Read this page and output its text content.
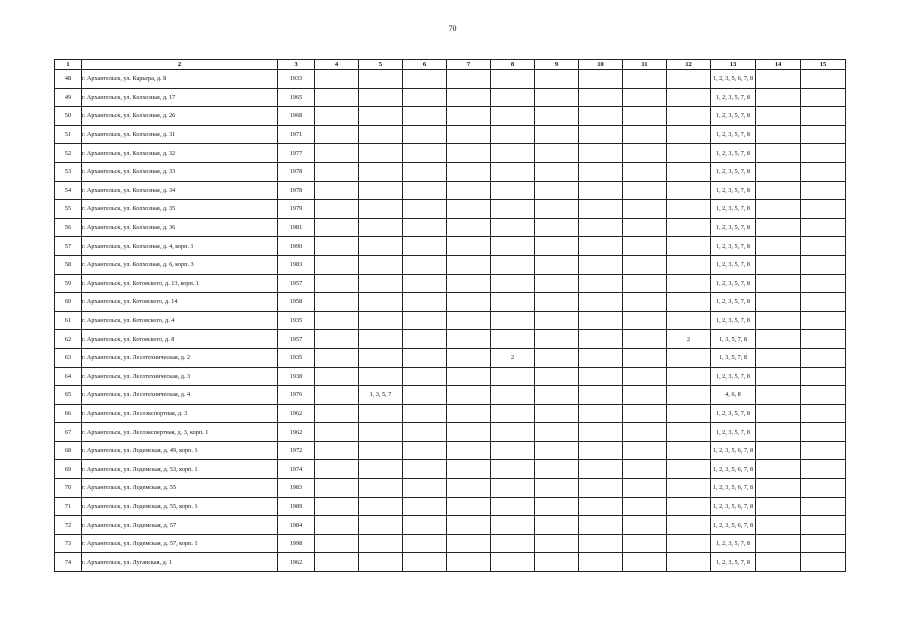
70
1	2	3	4	5	6	7	8	9	10	11	12	13	14	15
48	г. Архангельск, ул. Карьера, д. 8	1933										1, 2, 3, 5, 6, 7, 8		
49	г. Архангельск, ул. Колхозная, д. 17	1965										1, 2, 3, 5, 7, 8		
50	г. Архангельск, ул. Колхозная, д. 26	1968										1, 2, 3, 5, 7, 8		
51	г. Архангельск, ул. Колхозная, д. 31	1971										1, 2, 3, 5, 7, 8		
52	г. Архангельск, ул. Колхозная, д. 32	1977										1, 2, 3, 5, 7, 8		
53	г. Архангельск, ул. Колхозная, д. 33	1978										1, 2, 3, 5, 7, 8		
54	г. Архангельск, ул. Колхозная, д. 34	1978										1, 2, 3, 5, 7, 8		
55	г. Архангельск, ул. Колхозная, д. 35	1979										1, 2, 3, 5, 7, 8		
56	г. Архангельск, ул. Колхозная, д. 36	1981										1, 2, 3, 5, 7, 8		
57	г. Архангельск, ул. Колхозная, д. 4, корп. 1	1990										1, 2, 3, 5, 7, 8		
58	г. Архангельск, ул. Колхозная, д. 6, корп. 3	1983										1, 2, 3, 5, 7, 8		
59	г. Архангельск, ул. Котовского, д. 13, корп. 1	1957										1, 2, 3, 5, 7, 8		
60	г. Архангельск, ул. Котовского, д. 14	1958										1, 2, 3, 5, 7, 8		
61	г. Архангельск, ул. Котовского, д. 4	1935										1, 2, 3, 5, 7, 8		
62	г. Архангельск, ул. Котовского, д. 8	1957									2	1, 3, 5, 7, 8		
63	г. Архангельск, ул. Лесотехническая, д. 2	1935					2					1, 3, 5, 7, 8		
64	г. Архангельск, ул. Лесотехническая, д. 3	1938										1, 2, 3, 5, 7, 8		
65	г. Архангельск, ул. Лесотехническая, д. 4	1976		1, 3, 5, 7								4, 6, 8		
66	г. Архангельск, ул. Лесоэкспортная, д. 3	1962										1, 2, 3, 5, 7, 8		
67	г. Архангельск, ул. Лесоэкспертная, д. 3, корп. 1	1962										1, 2, 3, 5, 7, 8		
68	г. Архангельск, ул. Лодемская, д. 49, корп. 1	1972										1, 2, 3, 5, 6, 7, 8		
69	г. Архангельск, ул. Лодемская, д. 53, корп. 1	1974										1, 2, 3, 5, 6, 7, 8		
70	г. Архангельск, ул. Лодемская, д. 55	1983										1, 2, 3, 5, 6, 7, 8		
71	г. Архангельск, ул. Лодемская, д. 55, корп. 1	1989										1, 2, 3, 5, 6, 7, 8		
72	г. Архангельск, ул. Лодемская, д. 57	1984										1, 2, 3, 5, 6, 7, 8		
73	г. Архангельск, ул. Лодемская, д. 57, корп. 1	1998										1, 2, 3, 5, 7, 8		
74	г. Архангельск, ул. Луганская, д. 1	1962										1, 2, 3, 5, 7, 8		
